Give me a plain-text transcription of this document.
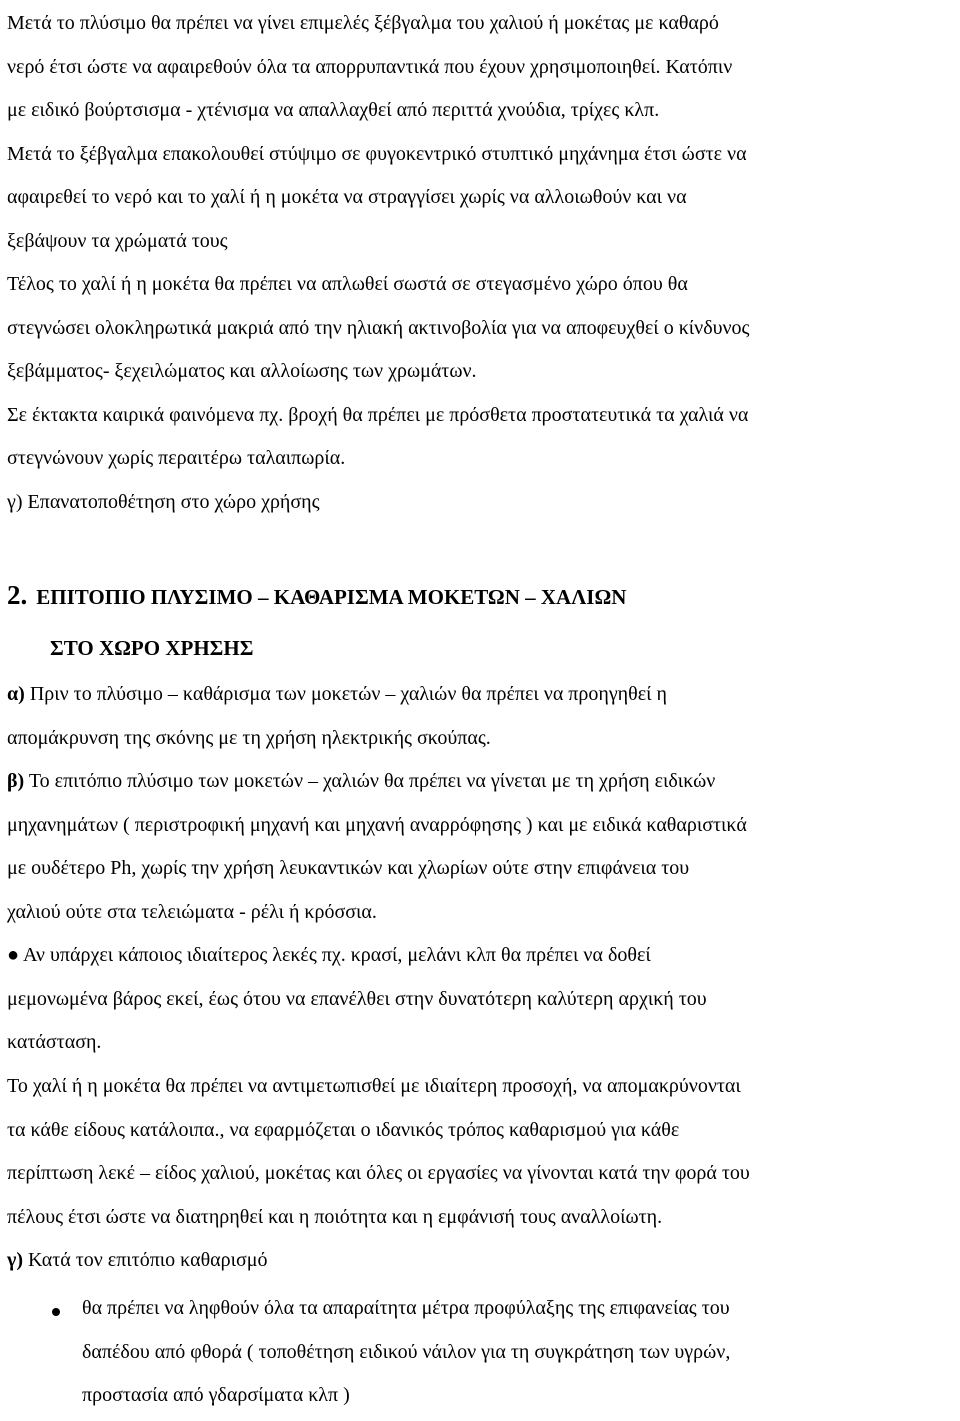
Μετά το πλύσιμο θα πρέπει να γίνει επιμελές ξέβγαλμα του χαλιού ή μοκέτας με καθαρό
νερό έτσι ώστε να αφαιρεθούν όλα τα απορρυπαντικά που έχουν χρησιμοποιηθεί. Κατόπιν
με ειδικό βούρτσισμα - χτένισμα να απαλλαχθεί από περιττά χνούδια, τρίχες κλπ.
Μετά το ξέβγαλμα επακολουθεί στύψιμο σε φυγοκεντρικό στυπτικό μηχάνημα έτσι ώστε να
αφαιρεθεί το νερό και το χαλί ή η μοκέτα να στραγγίσει χωρίς να αλλοιωθούν και να
ξεβάψουν τα χρώματά τους
Τέλος το χαλί ή η μοκέτα θα πρέπει να απλωθεί σωστά σε στεγασμένο χώρο όπου θα
στεγνώσει ολοκληρωτικά μακριά από την ηλιακή ακτινοβολία για να αποφευχθεί ο κίνδυνος
ξεβάμματος- ξεχειλώματος και αλλοίωσης των χρωμάτων.
Σε έκτακτα καιρικά φαινόμενα πχ. βροχή θα πρέπει με πρόσθετα προστατευτικά τα χαλιά να
στεγνώνουν χωρίς περαιτέρω ταλαιπωρία.
γ) Επανατοποθέτηση στο χώρο χρήσης
2. ΕΠΙΤΟΠΙΟ ΠΛΥΣΙΜΟ – ΚΑΘΑΡΙΣΜΑ ΜΟΚΕΤΩΝ – ΧΑΛΙΩΝ
ΣΤΟ ΧΩΡΟ ΧΡΗΣΗΣ
α) Πριν το πλύσιμο – καθάρισμα των μοκετών – χαλιών θα πρέπει να προηγηθεί η
απομάκρυνση της σκόνης με τη χρήση ηλεκτρικής σκούπας.
β) Το επιτόπιο πλύσιμο των μοκετών – χαλιών θα πρέπει να γίνεται με τη χρήση ειδικών
μηχανημάτων ( περιστροφική μηχανή και μηχανή αναρρόφησης ) και με ειδικά καθαριστικά
με ουδέτερο Ph, χωρίς την χρήση λευκαντικών και χλωρίων ούτε στην επιφάνεια του
χαλιού ούτε στα τελειώματα - ρέλι ή κρόσσια.
● Αν υπάρχει κάποιος ιδιαίτερος λεκές πχ. κρασί, μελάνι κλπ θα πρέπει να δοθεί
μεμονωμένα βάρος εκεί, έως ότου να επανέλθει στην δυνατότερη καλύτερη αρχική του
κατάσταση.
Το χαλί ή η μοκέτα θα πρέπει να αντιμετωπισθεί με ιδιαίτερη προσοχή, να απομακρύνονται
τα κάθε είδους κατάλοιπα., να εφαρμόζεται ο ιδανικός τρόπος καθαρισμού για κάθε
περίπτωση λεκέ – είδος χαλιού, μοκέτας και όλες οι εργασίες να γίνονται κατά την φορά του
πέλους έτσι ώστε να διατηρηθεί και η ποιότητα και η εμφάνισή τους αναλλοίωτη.
γ) Κατά τον επιτόπιο καθαρισμό
θα πρέπει να ληφθούν όλα τα απαραίτητα μέτρα προφύλαξης της επιφανείας του
δαπέδου από φθορά ( τοποθέτηση ειδικού νάιλον για τη συγκράτηση των υγρών,
προστασία από γδαρσίματα κλπ )
